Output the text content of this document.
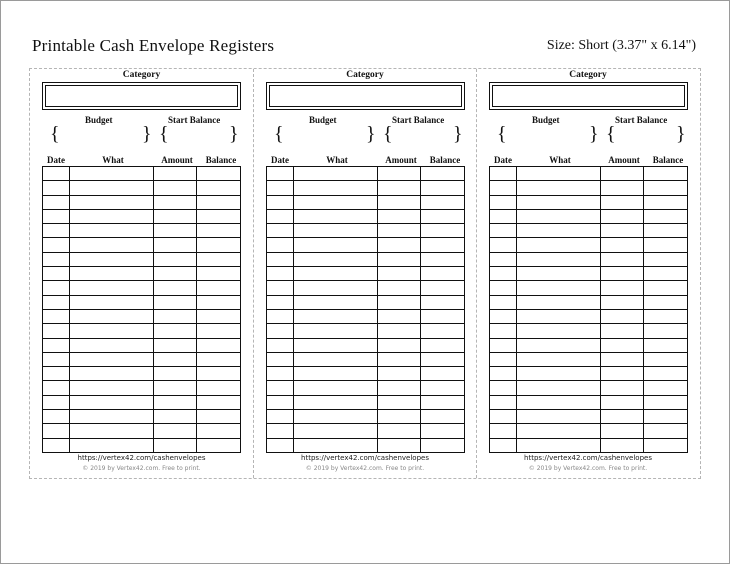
Printable Cash Envelope Registers	Size: Short (3.37" x 6.14")
Category
Budget	Start Balance
{	} {	}
Date	What	Amount	Balance

https://vertex42.com/cashenvelopes
© 2019 by Vertex42.com. Free to print.
Category
Budget	Start Balance
{	} {	}
Date	What	Amount	Balance

https://vertex42.com/cashenvelopes
© 2019 by Vertex42.com. Free to print.
Category
Budget	Start Balance
{	} {	}
Date	What	Amount	Balance

https://vertex42.com/cashenvelopes
© 2019 by Vertex42.com. Free to print.
